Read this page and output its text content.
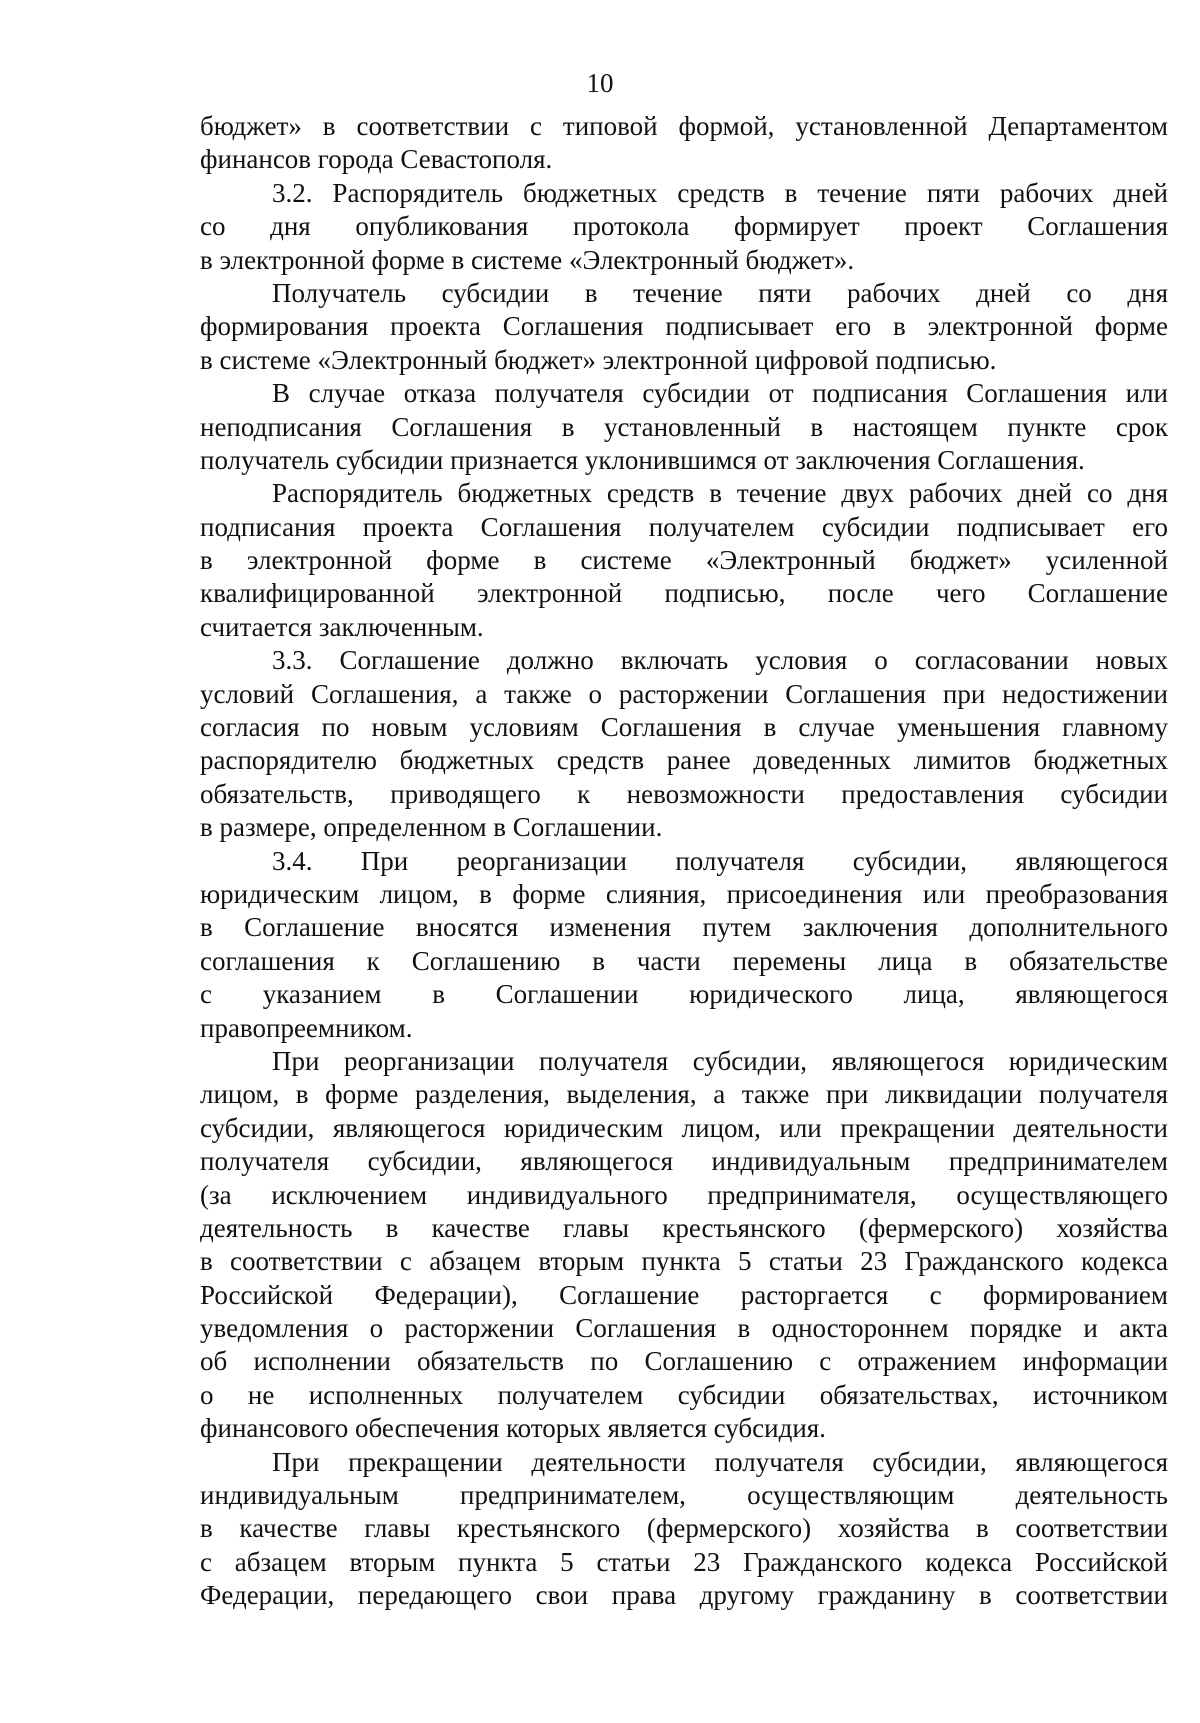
10
бюджет» в соответствии с типовой формой, установленной Департаментом
финансов города Севастополя.
3.2. Распорядитель бюджетных средств в течение пяти рабочих дней
со дня опубликования протокола формирует проект Соглашения
в электронной форме в системе «Электронный бюджет».
Получатель субсидии в течение пяти рабочих дней со дня
формирования проекта Соглашения подписывает его в электронной форме
в системе «Электронный бюджет» электронной цифровой подписью.
В случае отказа получателя субсидии от подписания Соглашения или
неподписания Соглашения в установленный в настоящем пункте срок
получатель субсидии признается уклонившимся от заключения Соглашения.
Распорядитель бюджетных средств в течение двух рабочих дней со дня
подписания проекта Соглашения получателем субсидии подписывает его
в электронной форме в системе «Электронный бюджет» усиленной
квалифицированной электронной подписью, после чего Соглашение
считается заключенным.
3.3. Соглашение должно включать условия о согласовании новых
условий Соглашения, а также о расторжении Соглашения при недостижении
согласия по новым условиям Соглашения в случае уменьшения главному
распорядителю бюджетных средств ранее доведенных лимитов бюджетных
обязательств, приводящего к невозможности предоставления субсидии
в размере, определенном в Соглашении.
3.4. При реорганизации получателя субсидии, являющегося
юридическим лицом, в форме слияния, присоединения или преобразования
в Соглашение вносятся изменения путем заключения дополнительного
соглашения к Соглашению в части перемены лица в обязательстве
с указанием в Соглашении юридического лица, являющегося
правопреемником.
При реорганизации получателя субсидии, являющегося юридическим
лицом, в форме разделения, выделения, а также при ликвидации получателя
субсидии, являющегося юридическим лицом, или прекращении деятельности
получателя субсидии, являющегося индивидуальным предпринимателем
(за исключением индивидуального предпринимателя, осуществляющего
деятельность в качестве главы крестьянского (фермерского) хозяйства
в соответствии с абзацем вторым пункта 5 статьи 23 Гражданского кодекса
Российской Федерации), Соглашение расторгается с формированием
уведомления о расторжении Соглашения в одностороннем порядке и акта
об исполнении обязательств по Соглашению с отражением информации
о не исполненных получателем субсидии обязательствах, источником
финансового обеспечения которых является субсидия.
При прекращении деятельности получателя субсидии, являющегося
индивидуальным предпринимателем, осуществляющим деятельность
в качестве главы крестьянского (фермерского) хозяйства в соответствии
с абзацем вторым пункта 5 статьи 23 Гражданского кодекса Российской
Федерации, передающего свои права другому гражданину в соответствии
